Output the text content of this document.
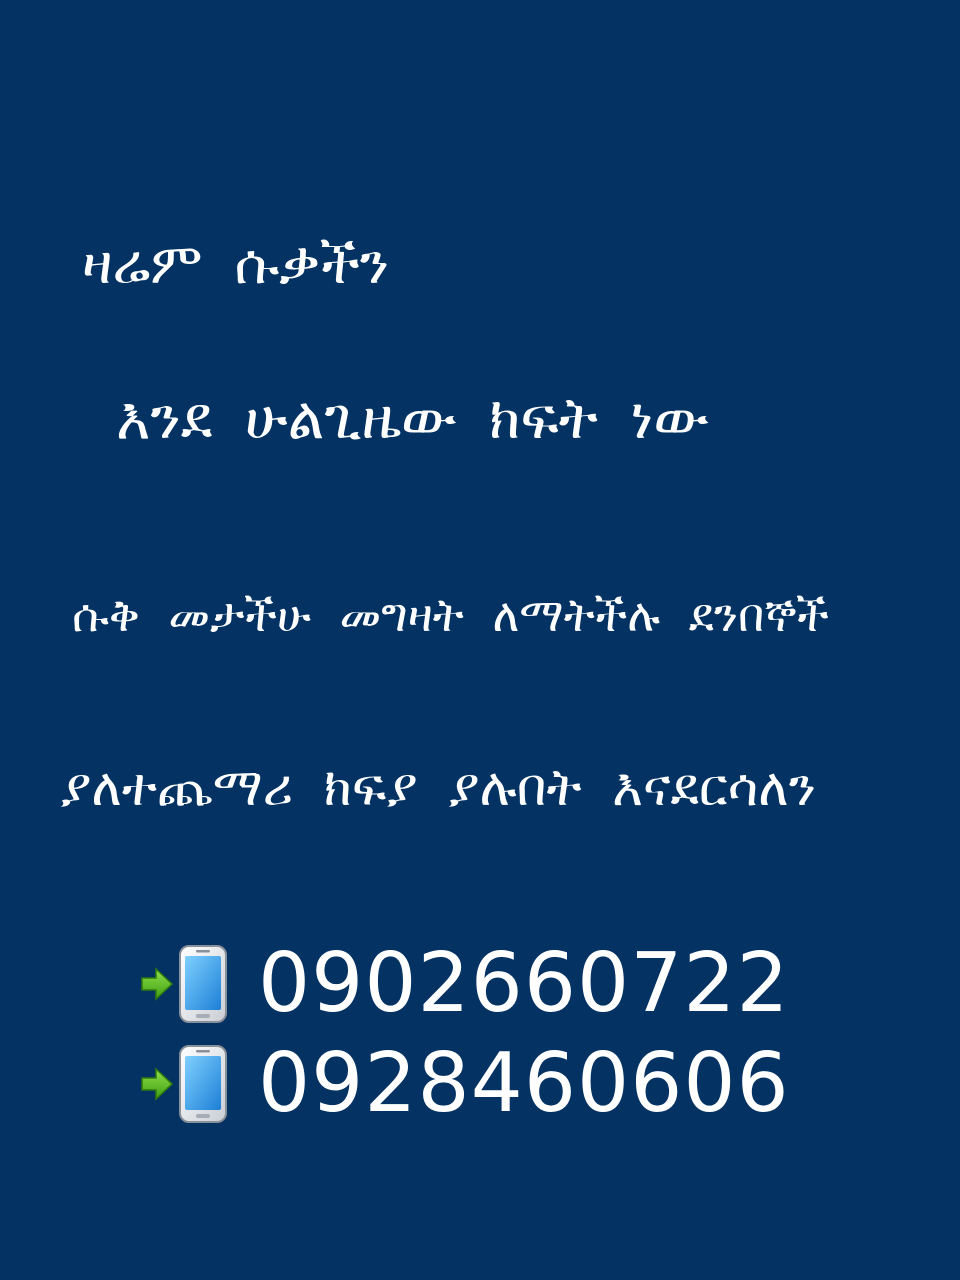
ዛሬም ሱቃችን
እንደ ሁልጊዜው ክፍት ነው
ሱቅ መታችሁ መግዛት ለማትችሉ ደንበኞች
ያለተጨማሪ ክፍያ ያሉበት እናደርሳለን
0902660722
0928460606
